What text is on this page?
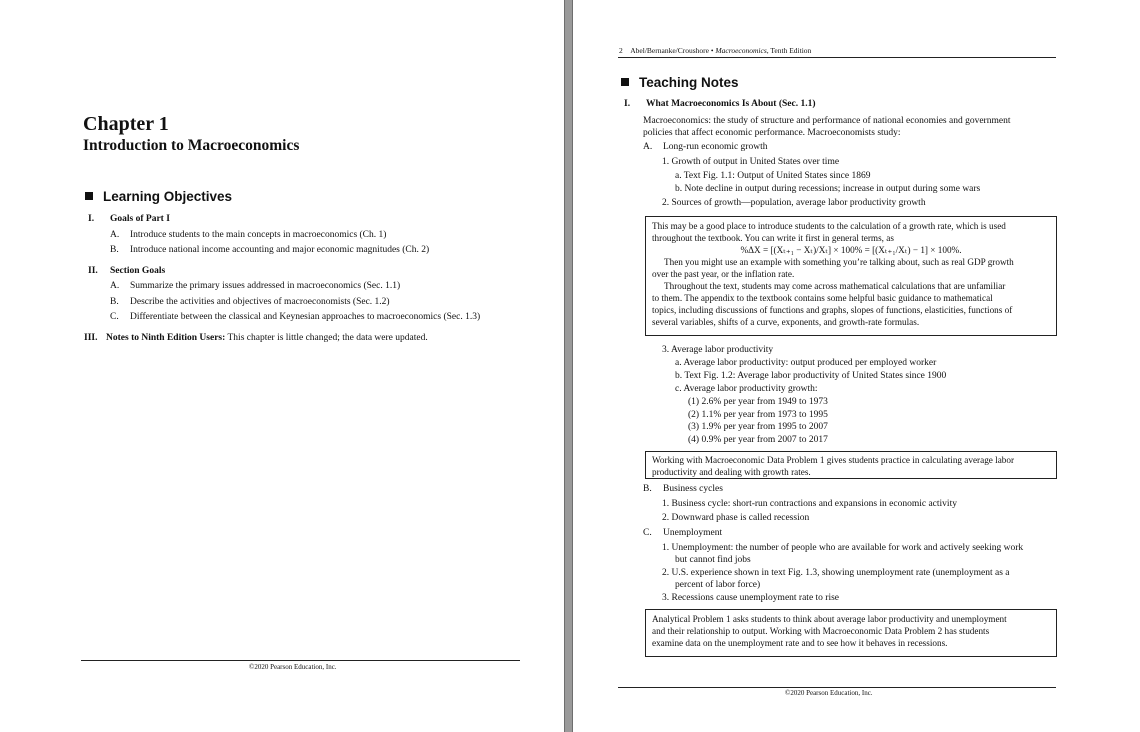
Chapter 1
Introduction to Macroeconomics
Learning Objectives
I. Goals of Part I
A. Introduce students to the main concepts in macroeconomics (Ch. 1)
B. Introduce national income accounting and major economic magnitudes (Ch. 2)
II. Section Goals
A. Summarize the primary issues addressed in macroeconomics (Sec. 1.1)
B. Describe the activities and objectives of macroeconomists (Sec. 1.2)
C. Differentiate between the classical and Keynesian approaches to macroeconomics (Sec. 1.3)
III. Notes to Ninth Edition Users: This chapter is little changed; the data were updated.
©2020 Pearson Education, Inc.
2 Abel/Bernanke/Croushore • Macroeconomics, Tenth Edition
Teaching Notes
I. What Macroeconomics Is About (Sec. 1.1)
Macroeconomics: the study of structure and performance of national economies and government
policies that affect economic performance. Macroeconomists study:
A. Long-run economic growth
1. Growth of output in United States over time
a. Text Fig. 1.1: Output of United States since 1869
b. Note decline in output during recessions; increase in output during some wars
2. Sources of growth—population, average labor productivity growth

This may be a good place to introduce students to the calculation of a growth rate, which is used

throughout the textbook. You can write it first in general terms, as

%ΔX = [(Xₜ₊₁ − Xₜ)/Xₜ] × 100% = [(Xₜ₊₁/Xₜ) − 1] × 100%.

Then you might use an example with something you’re talking about, such as real GDP growth

over the past year, or the inflation rate.

Throughout the text, students may come across mathematical calculations that are unfamiliar

to them. The appendix to the textbook contains some helpful basic guidance to mathematical

topics, including discussions of functions and graphs, slopes of functions, elasticities, functions of

several variables, shifts of a curve, exponents, and growth-rate formulas.

3. Average labor productivity
a. Average labor productivity: output produced per employed worker
b. Text Fig. 1.2: Average labor productivity of United States since 1900
c. Average labor productivity growth:
(1) 2.6% per year from 1949 to 1973
(2) 1.1% per year from 1973 to 1995
(3) 1.9% per year from 1995 to 2007
(4) 0.9% per year from 2007 to 2017

Working with Macroeconomic Data Problem 1 gives students practice in calculating average labor

productivity and dealing with growth rates.

B. Business cycles
1. Business cycle: short-run contractions and expansions in economic activity
2. Downward phase is called recession
C. Unemployment
1. Unemployment: the number of people who are available for work and actively seeking work
but cannot find jobs
2. U.S. experience shown in text Fig. 1.3, showing unemployment rate (unemployment as a
percent of labor force)
3. Recessions cause unemployment rate to rise

Analytical Problem 1 asks students to think about average labor productivity and unemployment

and their relationship to output. Working with Macroeconomic Data Problem 2 has students

examine data on the unemployment rate and to see how it behaves in recessions.

©2020 Pearson Education, Inc.
